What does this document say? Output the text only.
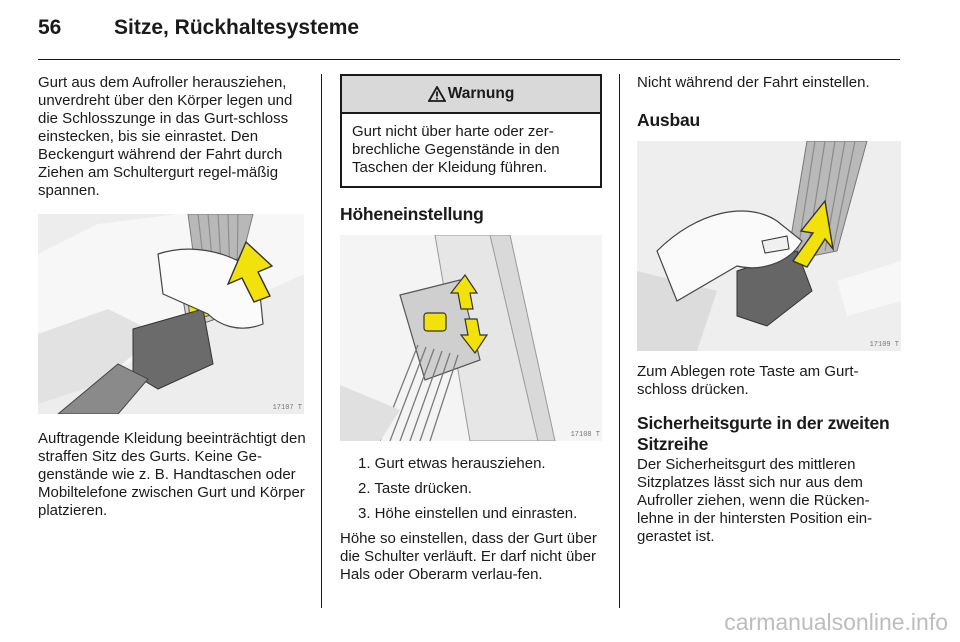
56	Sitze, Rückhaltesysteme

Gurt aus dem Aufroller herausziehen, unverdreht über den Körper legen und die Schlosszunge in das Gurt-schloss einstecken, bis sie einrastet. Den Beckengurt während der Fahrt durch Ziehen am Schultergurt regel-mäßig spannen.

17107 T

Auftragende Kleidung beeinträchtigt den straffen Sitz des Gurts. Keine Ge-genstände wie z. B. Handtaschen oder Mobiltelefone zwischen Gurt und Körper platzieren.

Warnung

Gurt nicht über harte oder zer-brechliche Gegenstände in den Taschen der Kleidung führen.

Höheneinstellung
17108 T
1. Gurt etwas herausziehen.
2. Taste drücken.
3. Höhe einstellen und einrasten.

Höhe so einstellen, dass der Gurt über die Schulter verläuft. Er darf nicht über Hals oder Oberarm verlau-fen.

Nicht während der Fahrt einstellen.

Ausbau
17109 T

Zum Ablegen rote Taste am Gurt-schloss drücken.

Sicherheitsgurte in der zweiten Sitzreihe

Der Sicherheitsgurt des mittleren Sitzplatzes lässt sich nur aus dem Aufroller ziehen, wenn die Rücken-lehne in der hintersten Position ein-gerastet ist.

carmanualsonline.info
